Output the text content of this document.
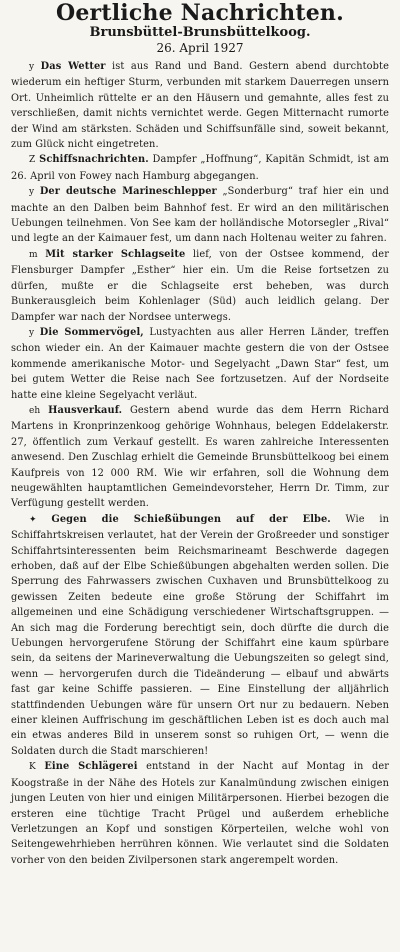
Oertliche Nachrichten.
Brunsbüttel-Brunsbüttelkoog.
26. April 1927

y Das Wetter ist aus Rand und Band. Gestern abend durchtobte wiederum ein heftiger Sturm, verbunden mit starkem Dauerregen unsern Ort. Unheimlich rüttelte er an den Häusern und gemahnte, alles fest zu verschließen, damit nichts vernichtet werde. Gegen Mitternacht rumorte der Wind am stärksten. Schäden und Schiffsunfälle sind, soweit bekannt, zum Glück nicht eingetreten.

Z Schiffsnachrichten. Dampfer „Hoffnung“, Kapitän Schmidt, ist am 26. April von Fowey nach Hamburg abgegangen.

y Der deutsche Marineschlepper „Sonderburg“ traf hier ein und machte an den Dalben beim Bahnhof fest. Er wird an den militärischen Uebungen teilnehmen. Von See kam der holländische Motorsegler „Rival“ und legte an der Kaimauer fest, um dann nach Holtenau weiter zu fahren.

m Mit starker Schlagseite lief, von der Ostsee kommend, der Flensburger Dampfer „Esther“ hier ein. Um die Reise fortsetzen zu dürfen, mußte er die Schlagseite erst beheben, was durch Bunkerausgleich beim Kohlenlager (Süd) auch leidlich gelang. Der Dampfer war nach der Nordsee unterwegs.

y Die Sommervögel, Lustyachten aus aller Herren Länder, treffen schon wieder ein. An der Kaimauer machte gestern die von der Ostsee kommende amerikanische Motor- und Segelyacht „Dawn Star“ fest, um bei gutem Wetter die Reise nach See fortzusetzen. Auf der Nordseite hatte eine kleine Segelyacht verläut.

eh Hausverkauf. Gestern abend wurde das dem Herrn Richard Martens in Kronprinzenkoog gehörige Wohnhaus, belegen Eddelakerstr. 27, öffentlich zum Verkauf gestellt. Es waren zahlreiche Interessenten anwesend. Den Zuschlag erhielt die Gemeinde Brunsbüttelkoog bei einem Kaufpreis von 12 000 RM. Wie wir erfahren, soll die Wohnung dem neugewählten hauptamtlichen Gemeindevorsteher, Herrn Dr. Timm, zur Verfügung gestellt werden.

✦ Gegen die Schießübungen auf der Elbe. Wie in Schiffahrtskreisen verlautet, hat der Verein der Großreeder und sonstiger Schiffahrtsinteressenten beim Reichsmarineamt Beschwerde dagegen erhoben, daß auf der Elbe Schießübungen abgehalten werden sollen. Die Sperrung des Fahrwassers zwischen Cuxhaven und Brunsbüttelkoog zu gewissen Zeiten bedeute eine große Störung der Schiffahrt im allgemeinen und eine Schädigung verschiedener Wirtschaftsgruppen. — An sich mag die Forderung berechtigt sein, doch dürfte die durch die Uebungen hervorgerufene Störung der Schiffahrt eine kaum spürbare sein, da seitens der Marineverwaltung die Uebungszeiten so gelegt sind, wenn — hervorgerufen durch die Tideänderung — elbauf und abwärts fast gar keine Schiffe passieren. — Eine Einstellung der alljährlich stattfindenden Uebungen wäre für unsern Ort nur zu bedauern. Neben einer kleinen Auffrischung im geschäftlichen Leben ist es doch auch mal ein etwas anderes Bild in unserem sonst so ruhigen Ort, — wenn die Soldaten durch die Stadt marschieren!

K Eine Schlägerei entstand in der Nacht auf Montag in der Koogstraße in der Nähe des Hotels zur Kanalmündung zwischen einigen jungen Leuten von hier und einigen Militärpersonen. Hierbei bezogen die ersteren eine tüchtige Tracht Prügel und außerdem erhebliche Verletzungen an Kopf und sonstigen Körperteilen, welche wohl von Seitengewehrhieben herrühren können. Wie verlautet sind die Soldaten vorher von den beiden Zivilpersonen stark angerempelt worden.
